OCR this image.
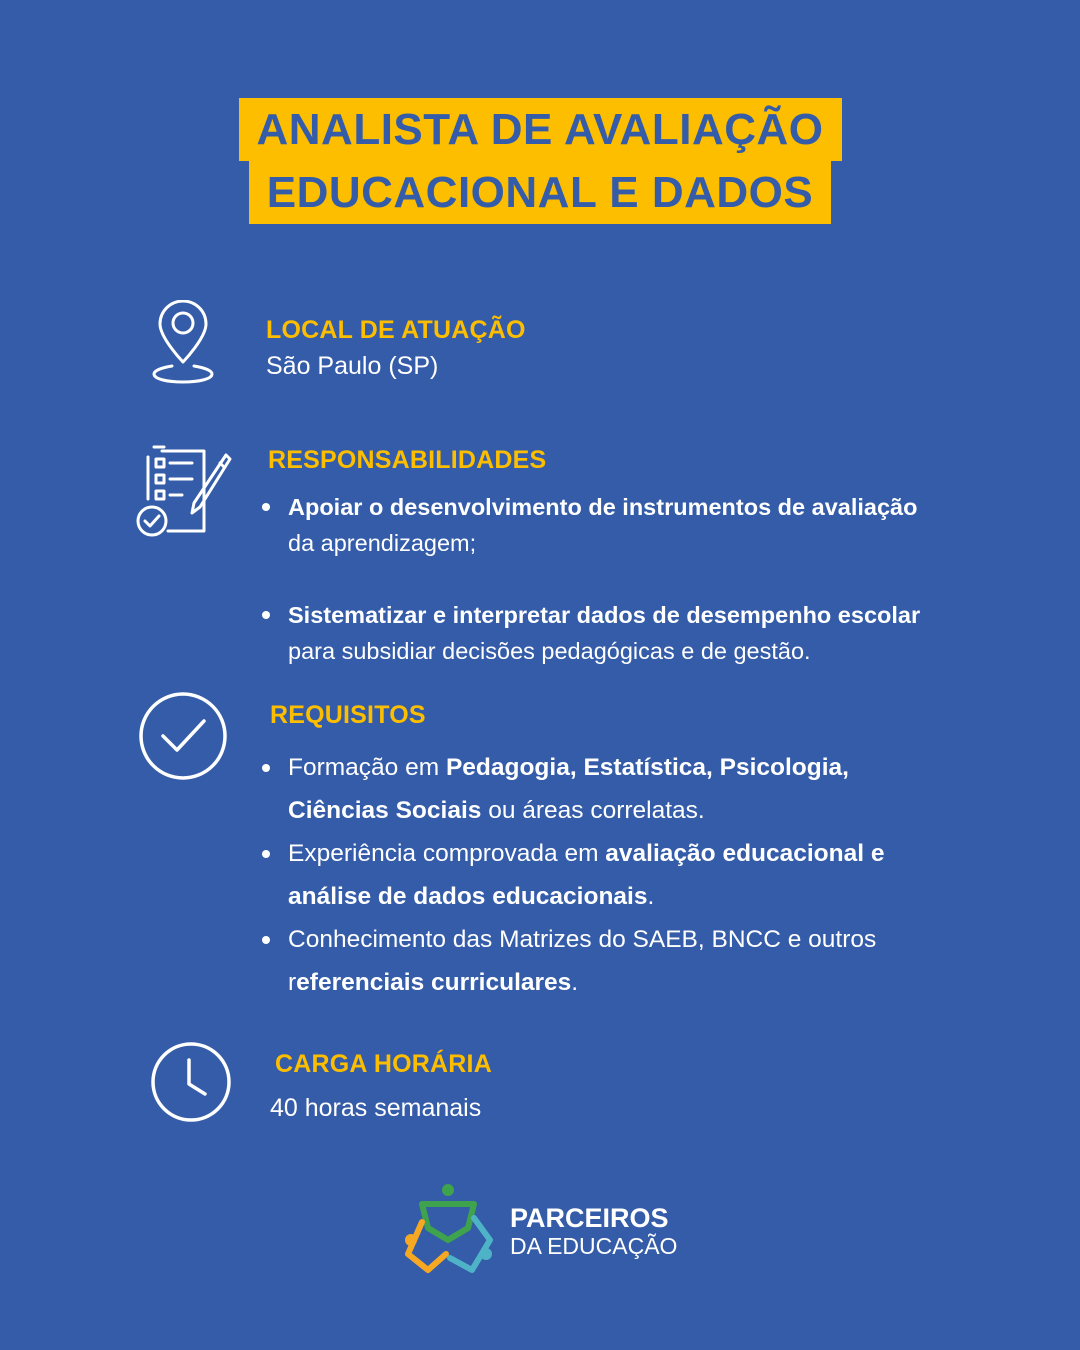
ANALISTA DE AVALIAÇÃO
EDUCACIONAL E DADOS
LOCAL DE ATUAÇÃO
São Paulo (SP)
RESPONSABILIDADES
Apoiar o desenvolvimento de instrumentos de avaliação
da aprendizagem;
Sistematizar e interpretar dados de desempenho escolar
para subsidiar decisões pedagógicas e de gestão.
REQUISITOS
Formação em Pedagogia, Estatística, Psicologia,
Ciências Sociais ou áreas correlatas.
Experiência comprovada em avaliação educacional e
análise de dados educacionais.
Conhecimento das Matrizes do SAEB, BNCC e outros
referenciais curriculares.
CARGA HORÁRIA
40 horas semanais
PARCEIROS
DA EDUCAÇÃO
